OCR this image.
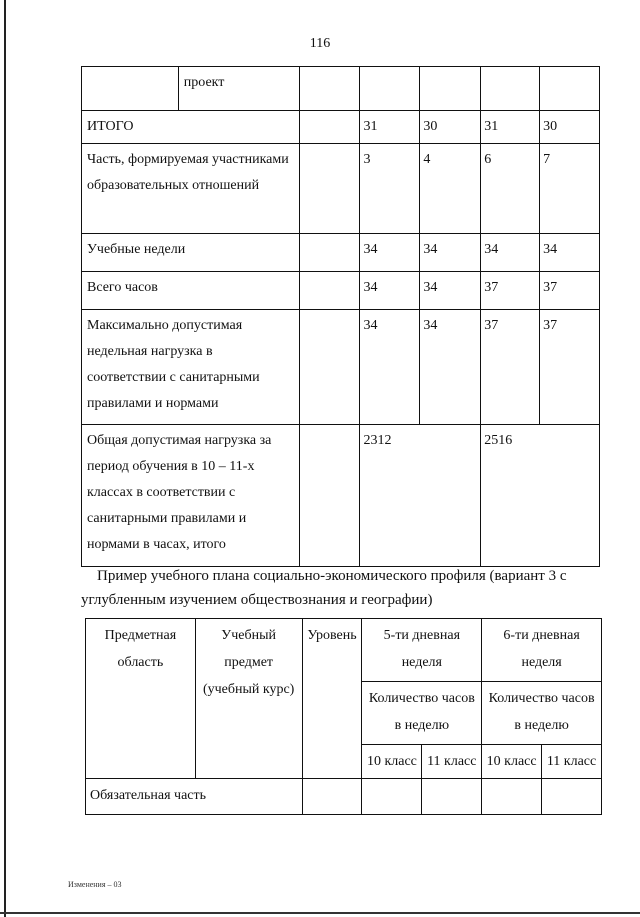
116
	проект					
ИТОГО			31	30	31	30
Часть, формируемая участниками образовательных отношений			3	4	6	7
Учебные недели			34	34	34	34
Всего часов			34	34	37	37
Максимально допустимая недельная нагрузка в соответствии с санитарными правилами и нормами			34	34	37	37
Общая допустимая нагрузка за период обучения в 10 – 11-х классах в соответствии с санитарными правилами и нормами в часах, итого			2312		2516	
Пример учебного плана социально-экономического профиля (вариант 3 с углубленным изучением обществознания и географии)
Предметная область	Учебный предмет (учебный курс)	Уровень	5-ти дневная неделя		6-ти дневная неделя	
			Количество часов в неделю		Количество часов в неделю	
			10 класс	11 класс	10 класс	11 класс
Обязательная часть						
Изменения – 03
